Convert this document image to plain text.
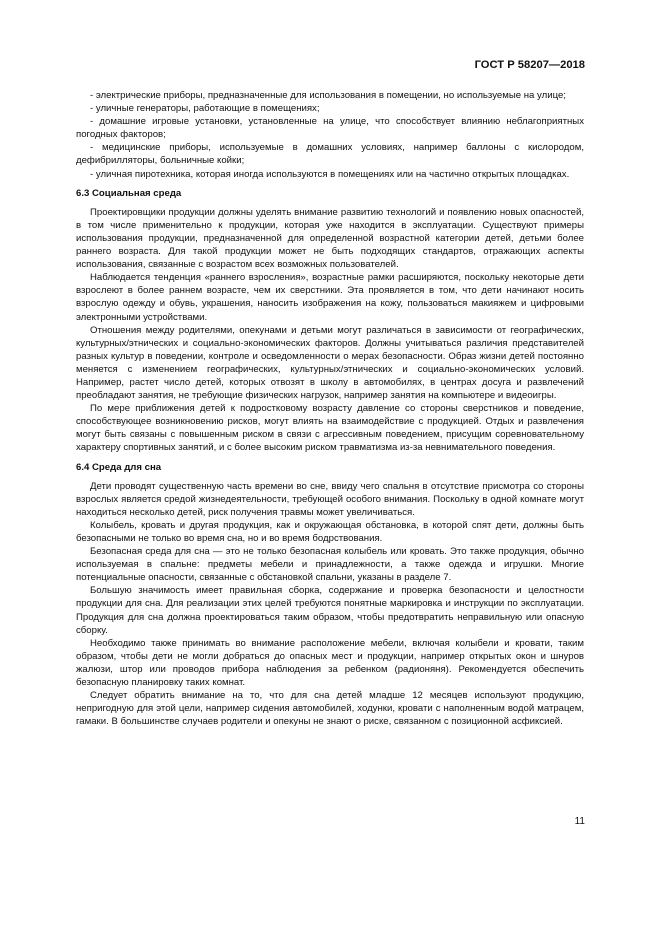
ГОСТ Р 58207—2018

- электрические приборы, предназначенные для использования в помещении, но используемые на улице;

- уличные генераторы, работающие в помещениях;

- домашние игровые установки, установленные на улице, что способствует влиянию неблагоприятных погодных факторов;

- медицинские приборы, используемые в домашних условиях, например баллоны с кислородом, дефибрилляторы, больничные койки;

- уличная пиротехника, которая иногда используются в помещениях или на частично открытых площадках.

6.3 Социальная среда

Проектировщики продукции должны уделять внимание развитию технологий и появлению новых опасностей, в том числе применительно к продукции, которая уже находится в эксплуатации. Существуют примеры использования продукции, предназначенной для определенной возрастной категории детей, детьми более раннего возраста. Для такой продукции может не быть подходящих стандартов, отражающих аспекты использования, связанные с возрастом всех возможных пользователей.

Наблюдается тенденция «раннего взросления», возрастные рамки расширяются, поскольку некоторые дети взрослеют в более раннем возрасте, чем их сверстники. Эта проявляется в том, что дети начинают носить взрослую одежду и обувь, украшения, наносить изображения на кожу, пользоваться макияжем и цифровыми электронными устройствами.

Отношения между родителями, опекунами и детьми могут различаться в зависимости от географических, культурных/этнических и социально-экономических факторов. Должны учитываться различия представителей разных культур в поведении, контроле и осведомленности о мерах безопасности. Образ жизни детей постоянно меняется с изменением географических, культурных/этнических и социально-экономических условий. Например, растет число детей, которых отвозят в школу в автомобилях, в центрах досуга и развлечений преобладают занятия, не требующие физических нагрузок, например занятия на компьютере и видеоигры.

По мере приближения детей к подростковому возрасту давление со стороны сверстников и поведение, способствующее возникновению рисков, могут влиять на взаимодействие с продукцией. Отдых и развлечения могут быть связаны с повышенным риском в связи с агрессивным поведением, присущим соревновательному характеру спортивных занятий, и с более высоким риском травматизма из-за невнимательного поведения.

6.4 Среда для сна

Дети проводят существенную часть времени во сне, ввиду чего спальня в отсутствие присмотра со стороны взрослых является средой жизнедеятельности, требующей особого внимания. Поскольку в одной комнате могут находиться несколько детей, риск получения травмы может увеличиваться.

Колыбель, кровать и другая продукция, как и окружающая обстановка, в которой спят дети, должны быть безопасными не только во время сна, но и во время бодрствования.

Безопасная среда для сна — это не только безопасная колыбель или кровать. Это также продукция, обычно используемая в спальне: предметы мебели и принадлежности, а также одежда и игрушки. Многие потенциальные опасности, связанные с обстановкой спальни, указаны в разделе 7.

Большую значимость имеет правильная сборка, содержание и проверка безопасности и целостности продукции для сна. Для реализации этих целей требуются понятные маркировка и инструкции по эксплуатации. Продукция для сна должна проектироваться таким образом, чтобы предотвратить неправильную или опасную сборку.

Необходимо также принимать во внимание расположение мебели, включая колыбели и кровати, таким образом, чтобы дети не могли добраться до опасных мест и продукции, например открытых окон и шнуров жалюзи, штор или проводов прибора наблюдения за ребенком (радионяня). Рекомендуется обеспечить безопасную планировку таких комнат.

Следует обратить внимание на то, что для сна детей младше 12 месяцев используют продукцию, непригодную для этой цели, например сидения автомобилей, ходунки, кровати с наполненным водой матрацем, гамаки. В большинстве случаев родители и опекуны не знают о риске, связанном с позиционной асфиксией.

11
